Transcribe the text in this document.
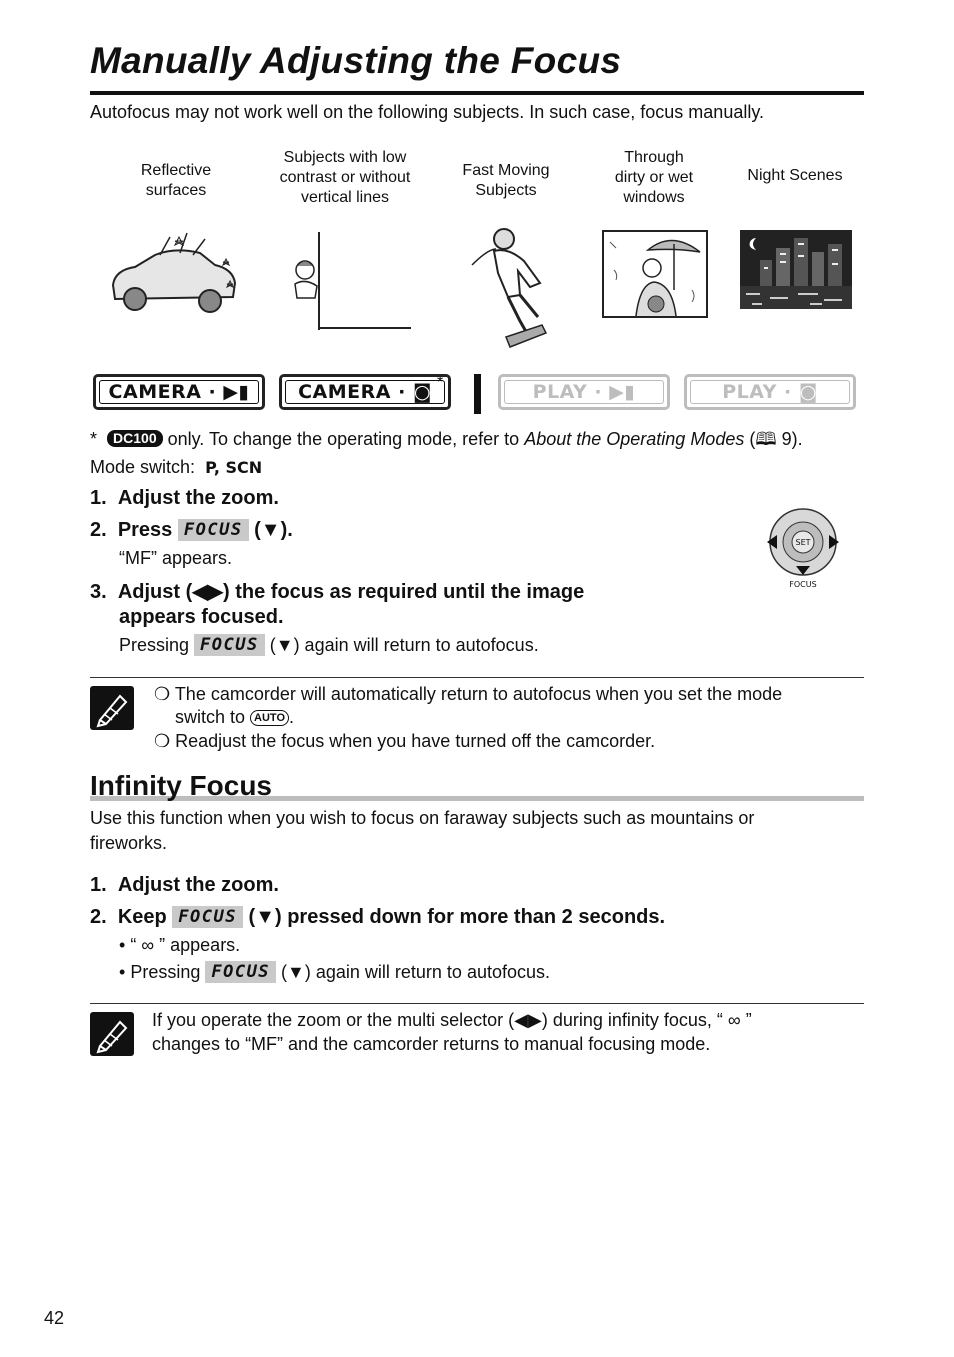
Manually Adjusting the Focus
Autofocus may not work well on the following subjects. In such case, focus manually.
Reflective
surfaces
Subjects with low
contrast or without
vertical lines
Fast Moving
Subjects
Through
dirty or wet
windows
Night Scenes
CAMERA ·
▶▮	CAMERA ·
◙ *	PLAY ·
▶▮	PLAY ·
◙
* DC100 only. To change the operating mode, refer to About the Operating Modes (🕮 9).
Mode switch: P, SCN
1. Adjust the zoom.
2. Press FOCUS (▼).
“MF” appears.
3. Adjust (◀▶) the focus as required until the image
appears focused.
Pressing FOCUS (▼) again will return to autofocus.
SET
FOCUS
❍ The camcorder will automatically return to autofocus when you set the mode
switch to AUTO .
❍ Readjust the focus when you have turned off the camcorder.
Infinity Focus
Use this function when you wish to focus on faraway subjects such as mountains or
fireworks.
1. Adjust the zoom.
2. Keep FOCUS (▼) pressed down for more than 2 seconds.
• “ ∞ ” appears.
• Pressing FOCUS (▼) again will return to autofocus.
If you operate the zoom or the multi selector (◀▶) during infinity focus, “ ∞ ”
changes to “MF” and the camcorder returns to manual focusing mode.
42
